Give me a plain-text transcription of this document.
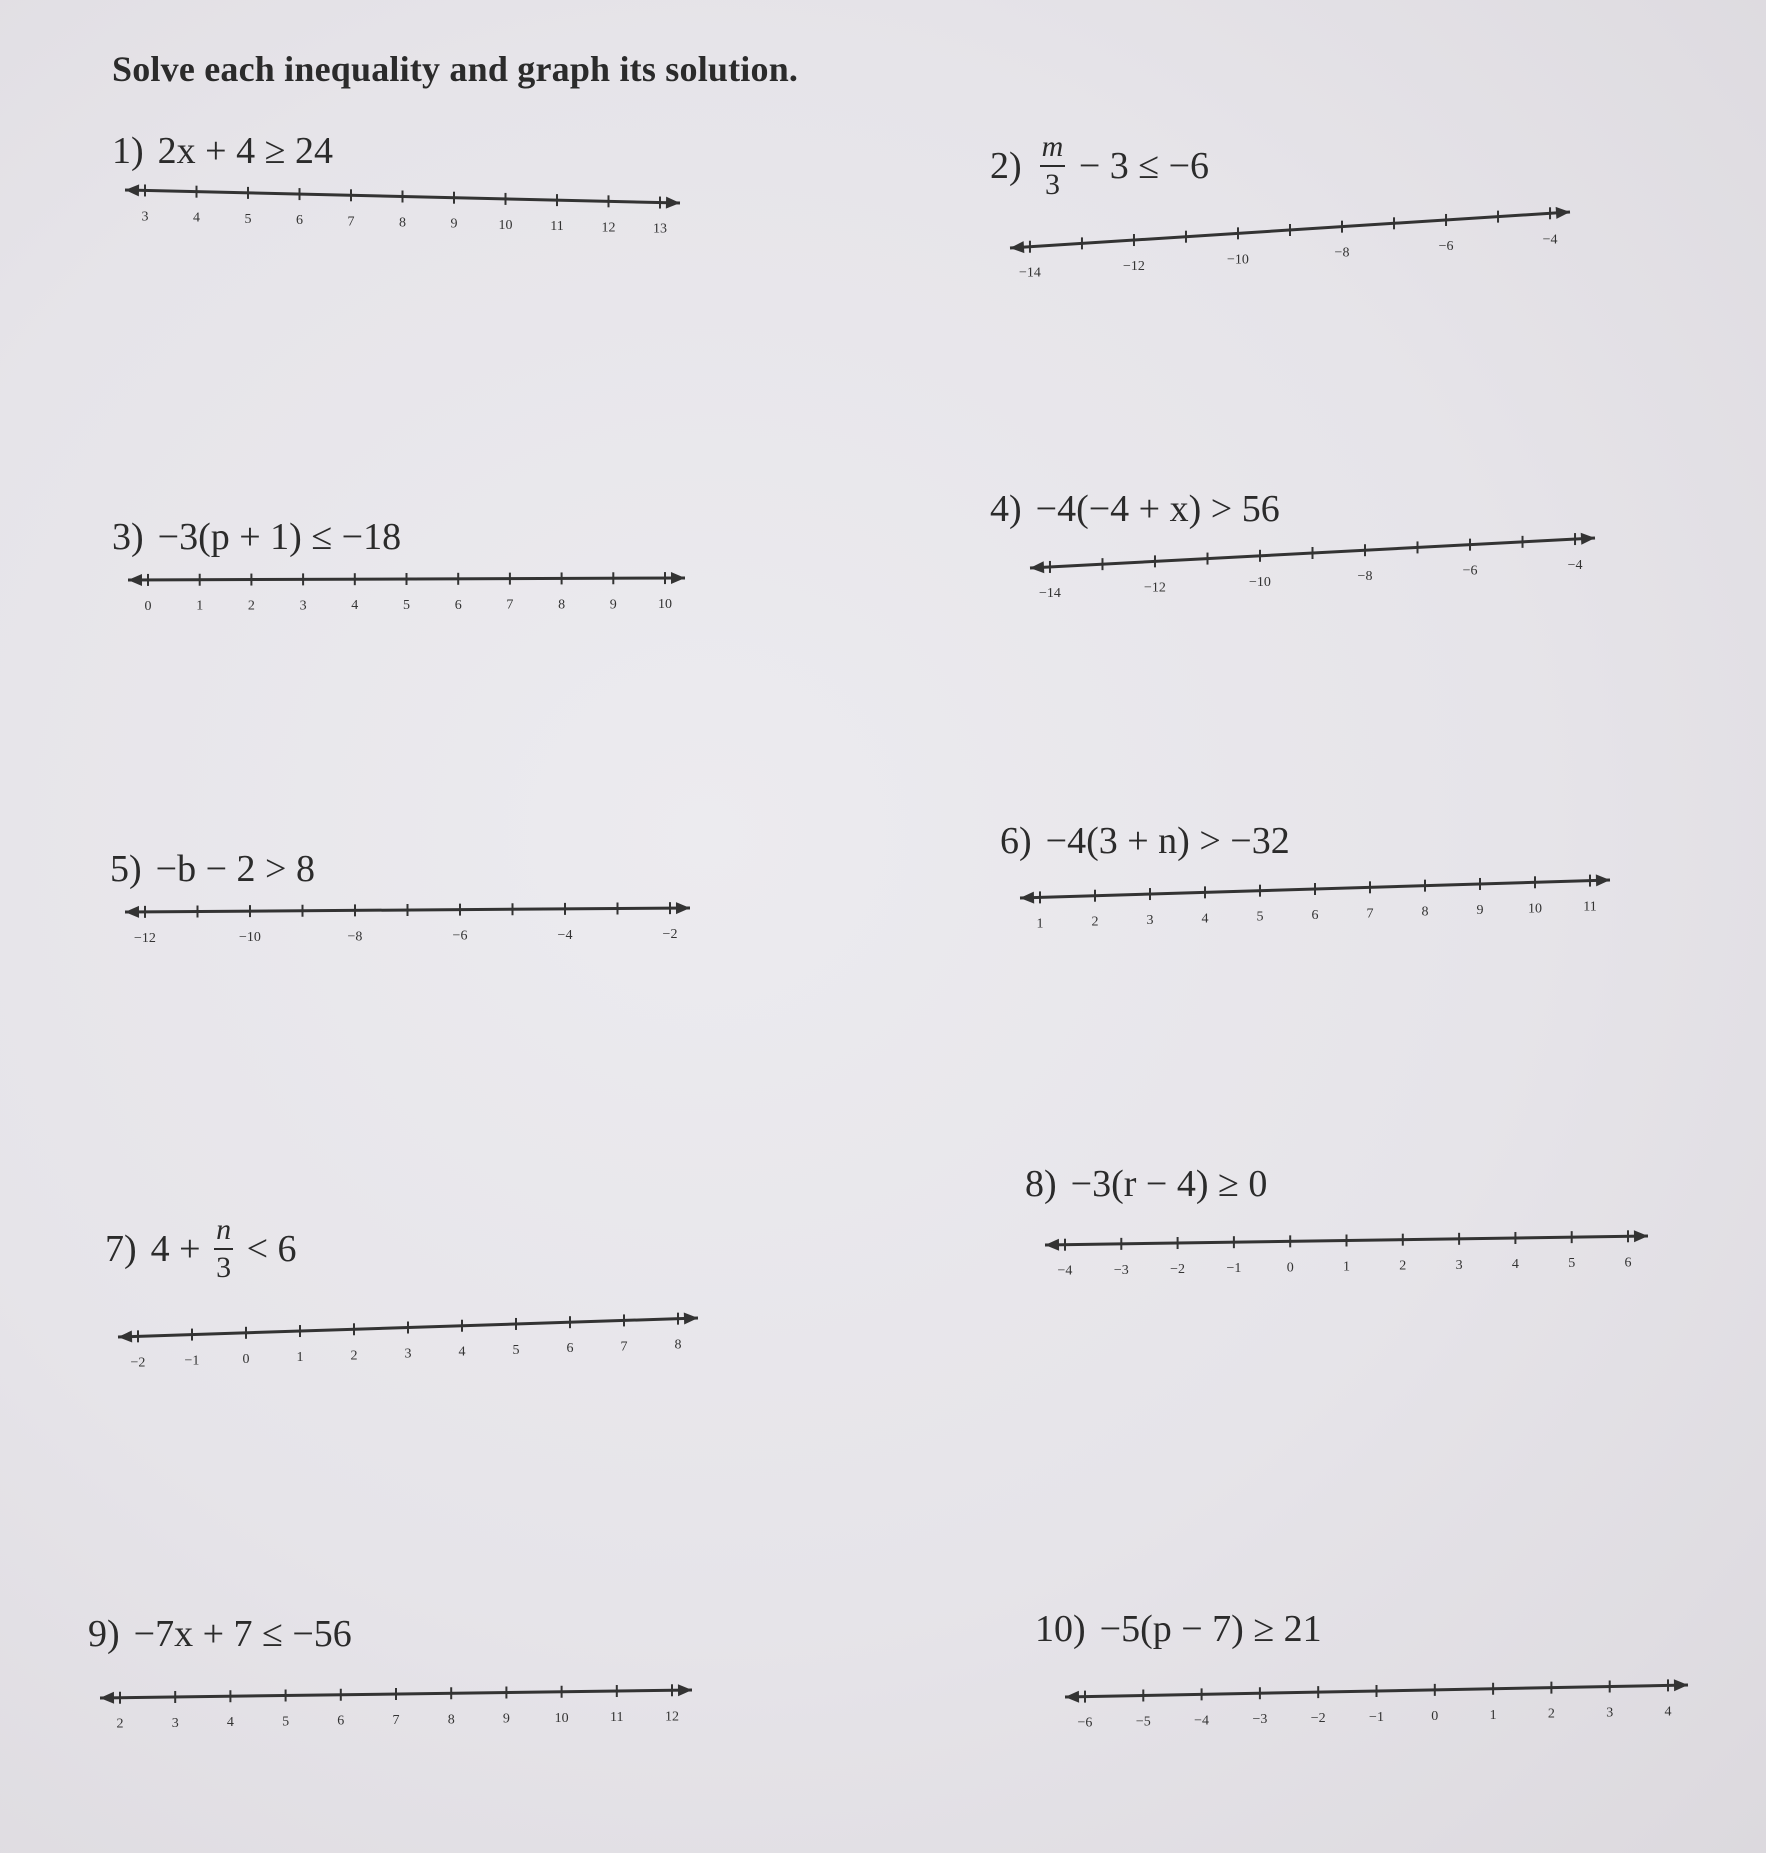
Solve each inequality and graph its solution.
1) 2x + 4 ≥ 24
3	4	5	6	7	8	9	10	11	12	13
$2) \frac{m}{3} - 3 \le -6$
−14	−12	−10	−8	−6	−4
3) −3(p + 1) ≤ −18
0	1	2	3	4	5	6	7	8	9	10
4) −4(−4 + x) > 56
−14	−12	−10	−8	−6	−4
5) −b − 2 > 8
−12	−10	−8	−6	−4	−2
6) −4(3 + n) > −32
1	2	3	4	5	6	7	8	9	10	11
7) $4 + \frac{n}{3} < 6$
−2	−1	0	1	2	3	4	5	6	7	8
8) −3(r − 4) ≥ 0
−4	−3	−2	−1	0	1	2	3	4	5	6
9) −7x + 7 ≤ −56
2	3	4	5	6	7	8	9	10	11	12
10) −5(p − 7) ≥ 21
−6	−5	−4	−3	−2	−1	0	1	2	3	4
